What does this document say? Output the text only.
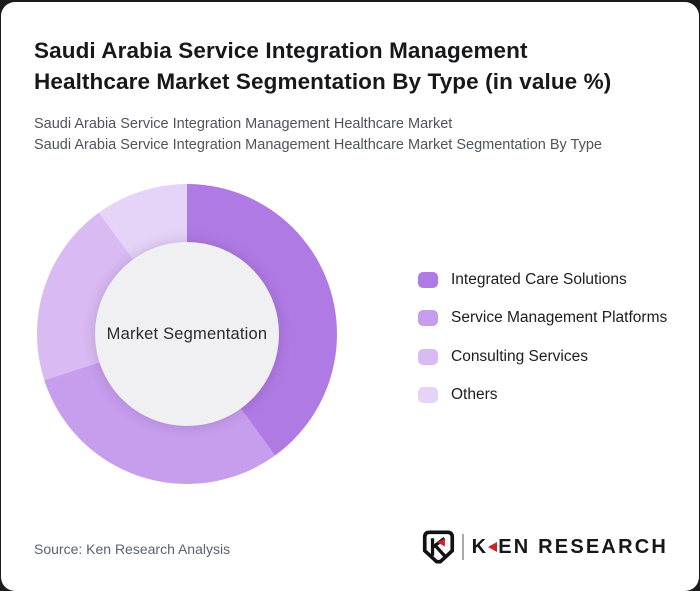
Saudi Arabia Service Integration Management
Healthcare Market Segmentation By Type (in value %)
Saudi Arabia Service Integration Management Healthcare Market
Saudi Arabia Service Integration Management Healthcare Market Segmentation By Type
Market Segmentation
Integrated Care Solutions
Service Management Platforms
Consulting Services
Others
Source: Ken Research Analysis	K EN RESEARCH
